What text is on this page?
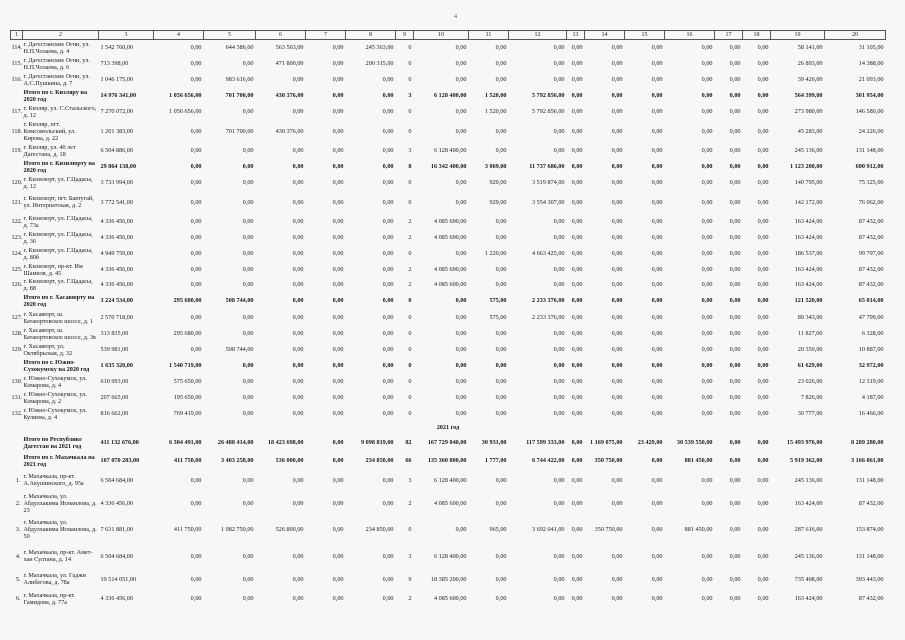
4
1	2	3	4	5	6	7	8	9	10	11	12	13	14	15	16	17	18	19	20
114.	г. Дагестанские Огни, ул. Н.П.Чолаева, д. 4	1 542 760,00	0,00	644 386,00	563 563,00	0,00	245 363,00	0	0,00	0,00	0,00	0,00	0,00	0,00	0,00	0,00	0,00	58 141,00	31 105,00
115.	г. Дагестанские Огни, ул. Н.П.Чолаева, д. 6	713 398,00	0,00	0,00	471 800,00	0,00	200 315,00	0	0,00	0,00	0,00	0,00	0,00	0,00	0,00	0,00	0,00	26 893,00	14 388,00
116.	г. Дагестанские Огни, ул. А.С.Пушкина, д. 7	1 046 175,00	0,00	983 616,00	0,00	0,00	0,00	0	0,00	0,00	0,00	0,00	0,00	0,00	0,00	0,00	0,00	39 426,00	21 093,00
	Итого по г. Кизляру на 2020 год	14 976 341,00	1 056 656,00	701 700,00	430 376,00	0,00	0,00	3	6 128 400,00	1 520,00	5 792 856,00	0,00	0,00	0,00	0,00	0,00	0,00	564 399,00	301 954,00
117.	г. Кизляр, ул. С.Стальского, д. 12	7 270 072,00	1 056 656,00	0,00	0,00	0,00	0,00	0	0,00	1 520,00	5 792 856,00	0,00	0,00	0,00	0,00	0,00	0,00	273 980,00	146 580,00
118.	г. Кизляр, пгт. Комсомольский, ул. Кирова, д. 22	1 201 383,00	0,00	701 700,00	430 376,00	0,00	0,00	0	0,00	0,00	0,00	0,00	0,00	0,00	0,00	0,00	0,00	45 283,00	24 226,00
119.	г. Кизляр, ул. 40 лет Дагестана, д. 18	6 504 886,00	0,00	0,00	0,00	0,00	0,00	3	6 128 400,00	0,00	0,00	0,00	0,00	0,00	0,00	0,00	0,00	245 136,00	131 148,00
	Итого по г. Кизилюрту на 2020 год	29 864 138,00	0,00	0,00	0,00	0,00	0,00	8	16 342 400,00	3 069,00	11 737 686,00	0,00	0,00	0,00	0,00	0,00	0,00	1 123 200,00	600 912,00
120.	г. Кизилюрт, ул. Г.Цадасы, д. 12	3 733 994,00	0,00	0,00	0,00	0,00	0,00	0	0,00	920,00	3 519 874,00	0,00	0,00	0,00	0,00	0,00	0,00	140 795,00	75 325,00
121.	г. Кизилюрт, пгт. Бавтугай, ул. Интернатская, д. 2	3 772 541,00	0,00	0,00	0,00	0,00	0,00	0	0,00	929,00	3 554 307,00	0,00	0,00	0,00	0,00	0,00	0,00	142 172,00	76 062,00
122.	г. Кизилюрт, ул. Г.Цадасы, д. 73а	4 336 456,00	0,00	0,00	0,00	0,00	0,00	2	4 085 600,00	0,00	0,00	0,00	0,00	0,00	0,00	0,00	0,00	163 424,00	87 432,00
123.	г. Кизилюрт, ул. Г.Цадасы, д. 36	4 336 456,00	0,00	0,00	0,00	0,00	0,00	2	4 085 600,00	0,00	0,00	0,00	0,00	0,00	0,00	0,00	0,00	163 424,00	87 432,00
124.	г. Кизилюрт, ул. Г.Цадасы, д. 80б	4 949 759,00	0,00	0,00	0,00	0,00	0,00	0	0,00	1 220,00	4 663 425,00	0,00	0,00	0,00	0,00	0,00	0,00	186 537,00	99 797,00
125.	г. Кизилюрт, пр-кт. Им Шамиля, д. 45	4 336 456,00	0,00	0,00	0,00	0,00	0,00	2	4 085 600,00	0,00	0,00	0,00	0,00	0,00	0,00	0,00	0,00	163 424,00	87 432,00
126.	г. Кизилюрт, ул. Г.Цадасы, д. 88	4 336 456,00	0,00	0,00	0,00	0,00	0,00	2	4 085 600,00	0,00	0,00	0,00	0,00	0,00	0,00	0,00	0,00	163 424,00	87 432,00
	Итого по г. Хасавюрту на 2020 год	3 224 534,00	295 680,00	508 744,00	0,00	0,00	0,00	0	0,00	575,00	2 233 376,00	0,00	0,00	0,00	0,00	0,00	0,00	121 520,00	65 014,00
127.	г. Хасавюрт, ш. Батаюртовское шоссе, д. 1	2 570 718,00	0,00	0,00	0,00	0,00	0,00	0	0,00	575,00	2 233 376,00	0,00	0,00	0,00	0,00	0,00	0,00	89 343,00	47 799,00
128.	г. Хасавюрт, ш. Батаюртовское шоссе, д. 3в	313 835,00	295 680,00	0,00	0,00	0,00	0,00	0	0,00	0,00	0,00	0,00	0,00	0,00	0,00	0,00	0,00	11 827,00	6 328,00
129.	г. Хасавюрт, ул. Октябрьская, д. 32	539 981,00	0,00	508 744,00	0,00	0,00	0,00	0	0,00	0,00	0,00	0,00	0,00	0,00	0,00	0,00	0,00	20 350,00	10 887,00
	Итого по г. Южно-Сухокумску на 2020 год	1 635 320,00	1 540 719,00	0,00	0,00	0,00	0,00	0	0,00	0,00	0,00	0,00	0,00	0,00	0,00	0,00	0,00	61 629,00	32 972,00
130.	г. Южно-Сухокумск, ул. Комарова, д. 4	610 993,00	575 650,00	0,00	0,00	0,00	0,00	0	0,00	0,00	0,00	0,00	0,00	0,00	0,00	0,00	0,00	23 026,00	12 319,00
131.	г. Южно-Сухокумск, ул. Комарова, д. 2	207 665,00	195 650,00	0,00	0,00	0,00	0,00	0	0,00	0,00	0,00	0,00	0,00	0,00	0,00	0,00	0,00	7 826,00	4 187,00
132.	г. Южно-Сухокумск, ул. Кулиева, д. 4	816 662,00	769 419,00	0,00	0,00	0,00	0,00	0	0,00	0,00	0,00	0,00	0,00	0,00	0,00	0,00	0,00	30 777,00	16 466,00
2021 год																			
	Итого по Республике Дагестан на 2021 год	411 132 676,00	6 304 491,00	26 488 414,00	18 423 698,00	0,00	9 098 819,00	82	167 729 040,00	30 931,00	117 599 333,00	0,00	1 169 075,00	23 429,00	30 539 550,00	0,00	0,00	15 493 976,00	8 289 280,00
	Итого по г. Махачкала на 2021 год	107 070 283,00	411 750,00	3 403 258,00	536 800,00	0,00	234 850,00	66	135 360 800,00	1 777,00	6 744 422,00	0,00	350 750,00	0,00	881 450,00	0,00	0,00	5 919 362,00	3 166 861,00
1.	г. Махачкала, пр-кт. А.Акушинского, д. 95а	6 504 684,00	0,00	0,00	0,00	0,00	0,00	3	6 128 400,00	0,00	0,00	0,00	0,00	0,00	0,00	0,00	0,00	245 136,00	131 148,00
2.	г. Махачкала, ул. Абдулхакима Исмаилова, д. 23	4 336 456,00	0,00	0,00	0,00	0,00	0,00	2	4 085 600,00	0,00	0,00	0,00	0,00	0,00	0,00	0,00	0,00	163 424,00	87 432,00
3.	г. Махачкала, ул. Абдулхакима Исмаилова, д. 50	7 631 881,00	411 750,00	1 082 750,00	526 800,00	0,00	234 850,00	0	0,00	965,00	3 692 041,00	0,00	350 750,00	0,00	881 450,00	0,00	0,00	287 616,00	153 874,00
4.	г. Махачкала, пр-кт. Амет-хан Султана, д. 14	6 504 684,00	0,00	0,00	0,00	0,00	0,00	3	6 128 400,00	0,00	0,00	0,00	0,00	0,00	0,00	0,00	0,00	245 136,00	131 148,00
5.	г. Махачкала, ул. Гаджи Алибегова, д. 78а	19 514 051,00	0,00	0,00	0,00	0,00	0,00	9	18 385 200,00	0,00	0,00	0,00	0,00	0,00	0,00	0,00	0,00	735 408,00	393 443,00
6.	г. Махачкала, пр-кт. Гамидова, д. 77а	4 336 456,00	0,00	0,00	0,00	0,00	0,00	2	4 085 600,00	0,00	0,00	0,00	0,00	0,00	0,00	0,00	0,00	163 424,00	87 432,00
